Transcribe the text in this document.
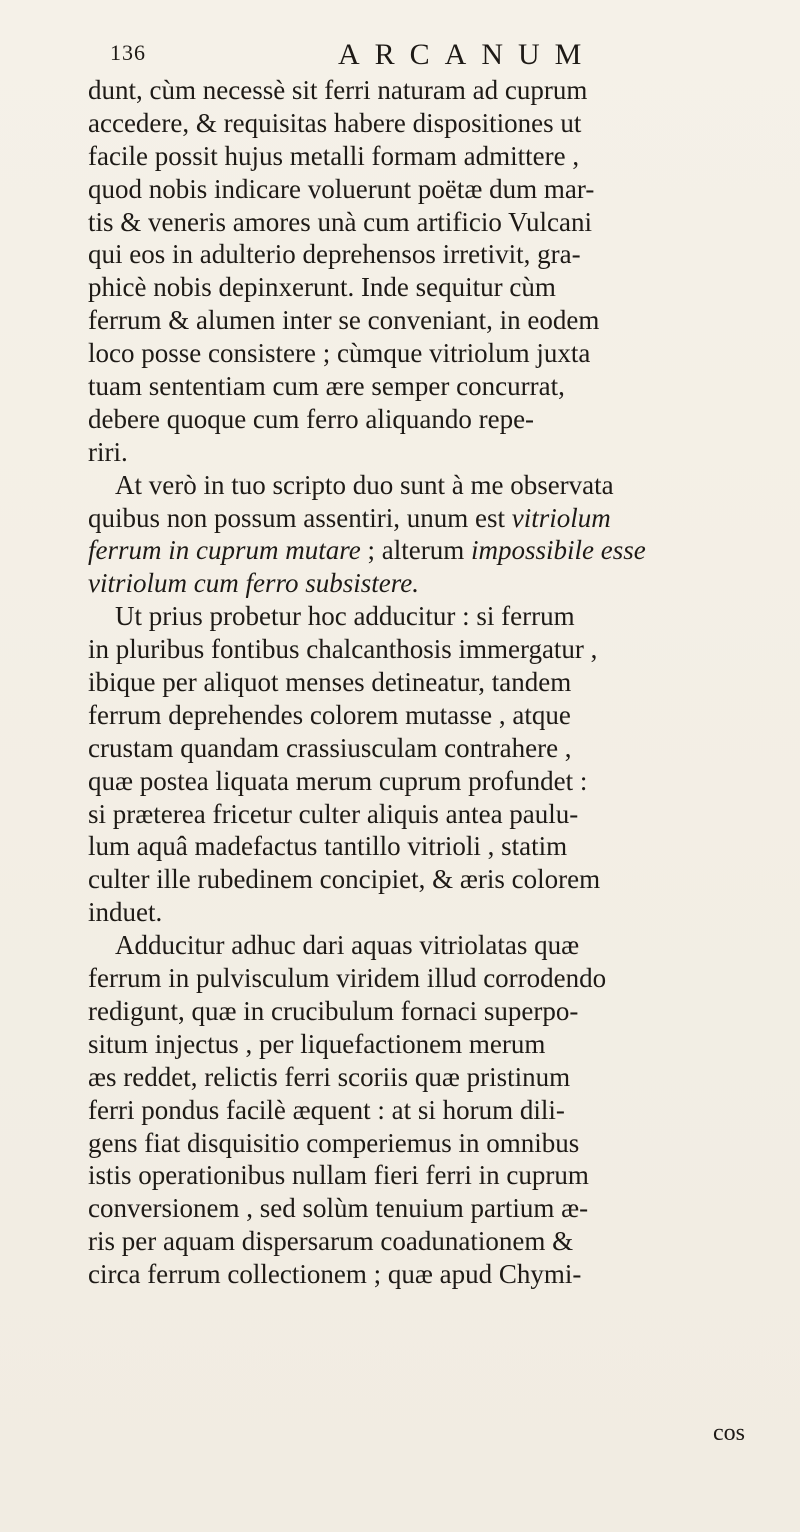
136	ARCANUM
dunt, cùm necessè sit ferri naturam ad cuprum
accedere, & requisitas habere dispositiones ut
facile possit hujus metalli formam admittere ,
quod nobis indicare voluerunt poëtæ dum mar-
tis & veneris amores unà cum artificio Vulcani
qui eos in adulterio deprehensos irretivit, gra-
phicè nobis depinxerunt. Inde sequitur cùm
ferrum & alumen inter se conveniant, in eodem
loco posse consistere ; cùmque vitriolum juxta
tuam sententiam cum ære semper concurrat,
debere quoque cum ferro aliquando repe-
riri.
At verò in tuo scripto duo sunt à me observata
quibus non possum assentiri, unum est vitriolum
ferrum in cuprum mutare ; alterum impossibile esse
vitriolum cum ferro subsistere.
Ut prius probetur hoc adducitur : si ferrum
in pluribus fontibus chalcanthosis immergatur ,
ibique per aliquot menses detineatur, tandem
ferrum deprehendes colorem mutasse , atque
crustam quandam crassiusculam contrahere ,
quæ postea liquata merum cuprum profundet :
si præterea fricetur culter aliquis antea paulu-
lum aquâ madefactus tantillo vitrioli , statim
culter ille rubedinem concipiet, & æris colorem
induet.
Adducitur adhuc dari aquas vitriolatas quæ
ferrum in pulvisculum viridem illud corrodendo
redigunt, quæ in crucibulum fornaci superpo-
situm injectus , per liquefactionem merum
æs reddet, relictis ferri scoriis quæ pristinum
ferri pondus facilè æquent : at si horum dili-
gens fiat disquisitio comperiemus in omnibus
istis operationibus nullam fieri ferri in cuprum
conversionem , sed solùm tenuium partium æ-
ris per aquam dispersarum coadunationem &
circa ferrum collectionem ; quæ apud Chymi-
cos
